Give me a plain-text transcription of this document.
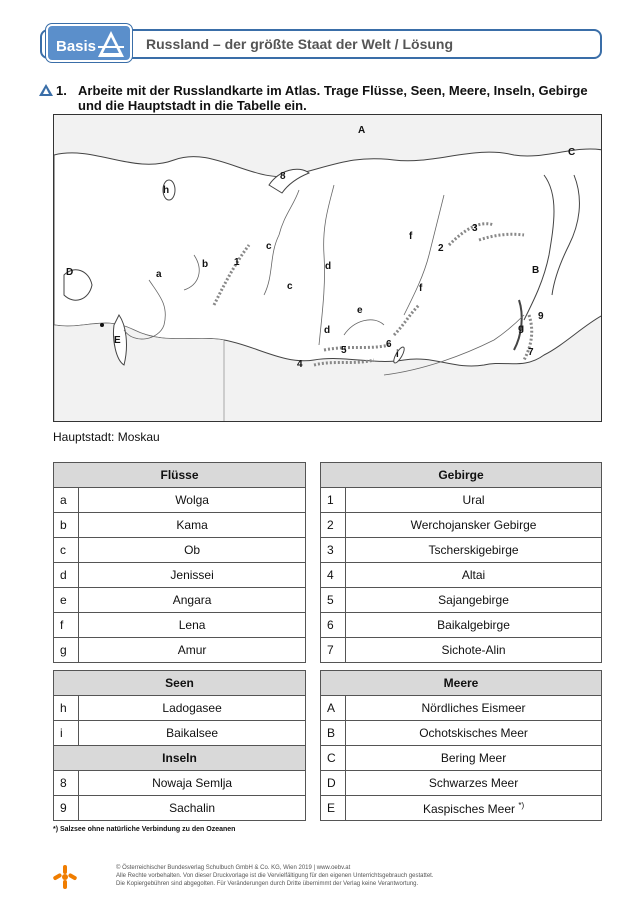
Basis	Russland – der größte Staat der Welt / Lösung
1. Arbeite mit der Russlandkarte im Atlas. Trage Flüsse, Seen, Meere, Inseln, Gebirge und die Hauptstadt in die Tabelle ein.
A
B
C
D
E
a
b
c
c
d
d
e
f
f
g
h
i
1
2
3
4
5
6
7
8
9
Hauptstadt: Moskau
Flüsse	
a	Wolga
b	Kama
c	Ob
d	Jenissei
e	Angara
f	Lena
g	Amur
Gebirge	
1	Ural
2	Werchojansker Gebirge
3	Tscherskigebirge
4	Altai
5	Sajangebirge
6	Baikalgebirge
7	Sichote-Alin
Seen	
h	Ladogasee
i	Baikalsee
Inseln	
8	Nowaja Semlja
9	Sachalin
Meere	
A	Nördliches Eismeer
B	Ochotskisches Meer
C	Bering Meer
D	Schwarzes Meer
E	Kaspisches Meer *)
*) Salzsee ohne natürliche Verbindung zu den Ozeanen
© Österreichischer Bundesverlag Schulbuch GmbH & Co. KG, Wien 2019 | www.oebv.at
Alle Rechte vorbehalten. Von dieser Druckvorlage ist die Vervielfältigung für den eigenen Unterrichtsgebrauch gestattet.
Die Kopiergebühren sind abgegolten. Für Veränderungen durch Dritte übernimmt der Verlag keine Verantwortung.
